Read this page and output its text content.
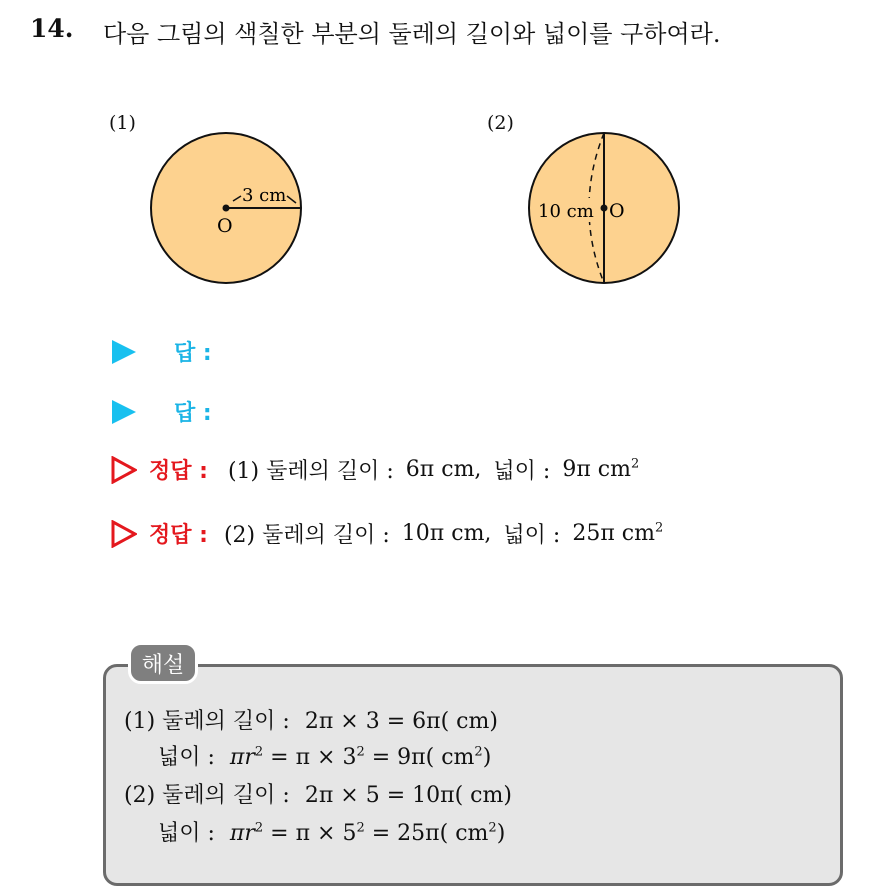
14. 다음 그림의 색칠한 부분의 둘레의 길이와 넓이를 구하여라.
(1)	(2)
3 cm
O
10 cm O
답 :
답 :
정답 : (1) 둘레의 길이 : 6π cm, 넓이 : 9π $cm^2$
정답 : (2) 둘레의 길이 : 10π cm, 넓이 : 25π $cm^2$
해설
(1) 둘레의 길이 : 2π × 3 = 6π( cm)
넓이 : $\pi r^2 = \pi \times 3^2 = 9\pi$( $cm^2$)
(2) 둘레의 길이 : 2π × 5 = 10π( cm)
넓이 : $\pi r^2 = \pi \times 5^2 = 25\pi$( $cm^2$)
